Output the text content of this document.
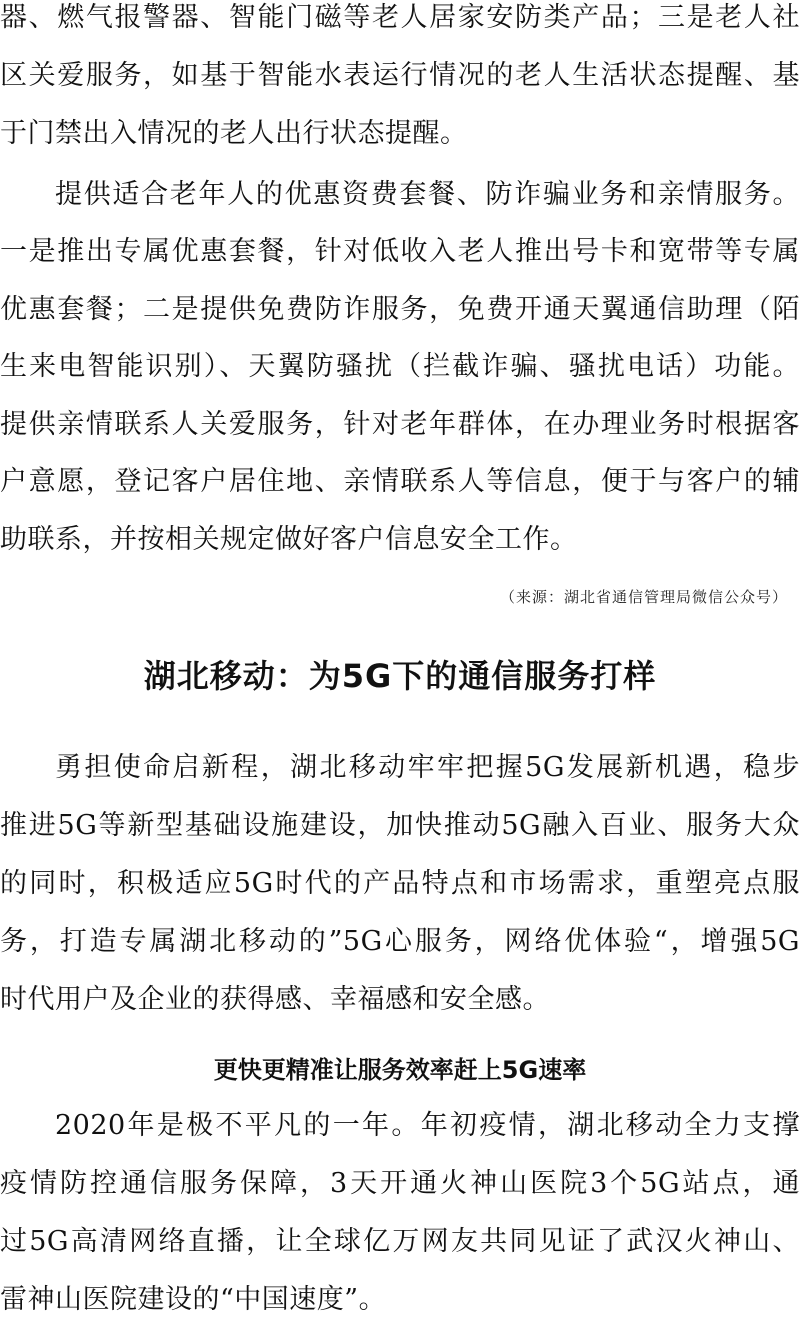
器、燃气报警器、智能门磁等老人居家安防类产品；三是老人社
区关爱服务，如基于智能水表运行情况的老人生活状态提醒、基
于门禁出入情况的老人出行状态提醒。
提供适合老年人的优惠资费套餐、防诈骗业务和亲情服务。
一是推出专属优惠套餐，针对低收入老人推出号卡和宽带等专属
优惠套餐；二是提供免费防诈服务，免费开通天翼通信助理（陌
生来电智能识别）、天翼防骚扰（拦截诈骗、骚扰电话）功能。
提供亲情联系人关爱服务，针对老年群体，在办理业务时根据客
户意愿，登记客户居住地、亲情联系人等信息，便于与客户的辅
助联系，并按相关规定做好客户信息安全工作。
（来源：湖北省通信管理局微信公众号）
湖北移动：为5G下的通信服务打样
勇担使命启新程，湖北移动牢牢把握5G发展新机遇，稳步
推进5G等新型基础设施建设，加快推动5G融入百业、服务大众
的同时，积极适应5G时代的产品特点和市场需求，重塑亮点服
务，打造专属湖北移动的”5G心服务，网络优体验“，增强5G
时代用户及企业的获得感、幸福感和安全感。
更快更精准让服务效率赶上5G速率
2020年是极不平凡的一年。年初疫情，湖北移动全力支撑
疫情防控通信服务保障，3天开通火神山医院3个5G站点，通
过5G高清网络直播，让全球亿万网友共同见证了武汉火神山、
雷神山医院建设的“中国速度”。
